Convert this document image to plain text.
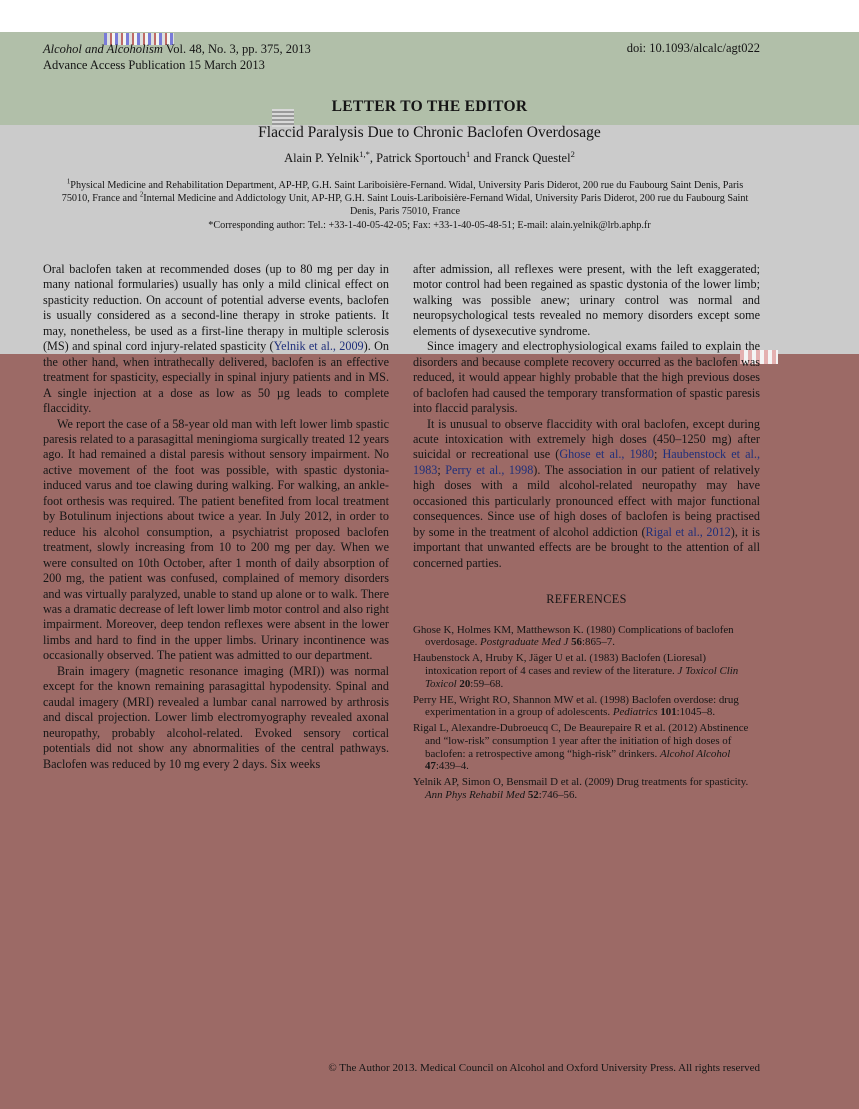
Alcohol and Alcoholism Vol. 48, No. 3, pp. 375, 2013
Advance Access Publication 15 March 2013
doi: 10.1093/alcalc/agt022
LETTER TO THE EDITOR
Flaccid Paralysis Due to Chronic Baclofen Overdosage
Alain P. Yelnik$^{1,*}$, Patrick Sportouch$^1$ and Franck Questel$^2$
$^1$Physical Medicine and Rehabilitation Department, AP-HP, G.H. Saint Lariboisière-Fernand. Widal, University Paris Diderot, 200 rue du Faubourg Saint Denis, Paris 75010, France and $^2$Internal Medicine and Addictology Unit, AP-HP, G.H. Saint Louis-Lariboisière-Fernand Widal, University Paris Diderot, 200 rue du Faubourg Saint Denis, Paris 75010, France
*Corresponding author: Tel.: +33-1-40-05-42-05; Fax: +33-1-40-05-48-51; E-mail: alain.yelnik@lrb.aphp.fr

Oral baclofen taken at recommended doses (up to 80 mg per day in many national formularies) usually has only a mild clinical effect on spasticity reduction. On account of potential adverse events, baclofen is usually considered as a second-line therapy in stroke patients. It may, nonetheless, be used as a first-line therapy in multiple sclerosis (MS) and spinal cord injury-related spasticity (Yelnik et al., 2009). On the other hand, when intrathecally delivered, baclofen is an effective treatment for spasticity, especially in spinal injury patients and in MS. A single injection at a dose as low as 50 µg leads to complete flaccidity.

We report the case of a 58-year old man with left lower limb spastic paresis related to a parasagittal meningioma surgically treated 12 years ago. It had remained a distal paresis without sensory impairment. No active movement of the foot was possible, with spastic dystonia-induced varus and toe clawing during walking. For walking, an ankle-foot orthesis was required. The patient benefited from local treatment by Botulinum injections about twice a year. In July 2012, in order to reduce his alcohol consumption, a psychiatrist proposed baclofen treatment, slowly increasing from 10 to 200 mg per day. When we were consulted on 10th October, after 1 month of daily absorption of 200 mg, the patient was confused, complained of memory disorders and was virtually paralyzed, unable to stand up alone or to walk. There was a dramatic decrease of left lower limb motor control and also right impairment. Moreover, deep tendon reflexes were absent in the lower limbs and hard to find in the upper limbs. Urinary incontinence was occasionally observed. The patient was admitted to our department.

Brain imagery (magnetic resonance imaging (MRI)) was normal except for the known remaining parasagittal hypodensity. Spinal and caudal imagery (MRI) revealed a lumbar canal narrowed by arthrosis and discal projection. Lower limb electromyography revealed axonal neuropathy, probably alcohol-related. Evoked sensory cortical potentials did not show any abnormalities of the central pathways. Baclofen was reduced by 10 mg every 2 days. Six weeks

after admission, all reflexes were present, with the left exaggerated; motor control had been regained as spastic dystonia of the lower limb; walking was possible anew; urinary control was normal and neuropsychological tests revealed no memory disorders except some elements of dysexecutive syndrome.

Since imagery and electrophysiological exams failed to explain the disorders and because complete recovery occurred as the baclofen was reduced, it would appear highly probable that the high previous doses of baclofen had caused the temporary transformation of spastic paresis into flaccid paralysis.

It is unusual to observe flaccidity with oral baclofen, except during acute intoxication with extremely high doses (450–1250 mg) after suicidal or recreational use (Ghose et al., 1980; Haubenstock et al., 1983; Perry et al., 1998). The association in our patient of relatively high doses with a mild alcohol-related neuropathy may have occasioned this particularly pronounced effect with major functional consequences. Since use of high doses of baclofen is being practised by some in the treatment of alcohol addiction (Rigal et al., 2012), it is important that unwanted effects are be brought to the attention of all concerned parties.

REFERENCES
Ghose K, Holmes KM, Matthewson K. (1980) Complications of baclofen overdosage. Postgraduate Med J 56:865–7.
Haubenstock A, Hruby K, Jäger U et al. (1983) Baclofen (Lioresal) intoxication report of 4 cases and review of the literature. J Toxicol Clin Toxicol 20:59–68.
Perry HE, Wright RO, Shannon MW et al. (1998) Baclofen overdose: drug experimentation in a group of adolescents. Pediatrics 101:1045–8.
Rigal L, Alexandre-Dubroeucq C, De Beaurepaire R et al. (2012) Abstinence and “low-risk” consumption 1 year after the initiation of high doses of baclofen: a retrospective among “high-risk” drinkers. Alcohol Alcohol 47:439–4.
Yelnik AP, Simon O, Bensmail D et al. (2009) Drug treatments for spasticity. Ann Phys Rehabil Med 52:746–56.
© The Author 2013. Medical Council on Alcohol and Oxford University Press. All rights reserved
